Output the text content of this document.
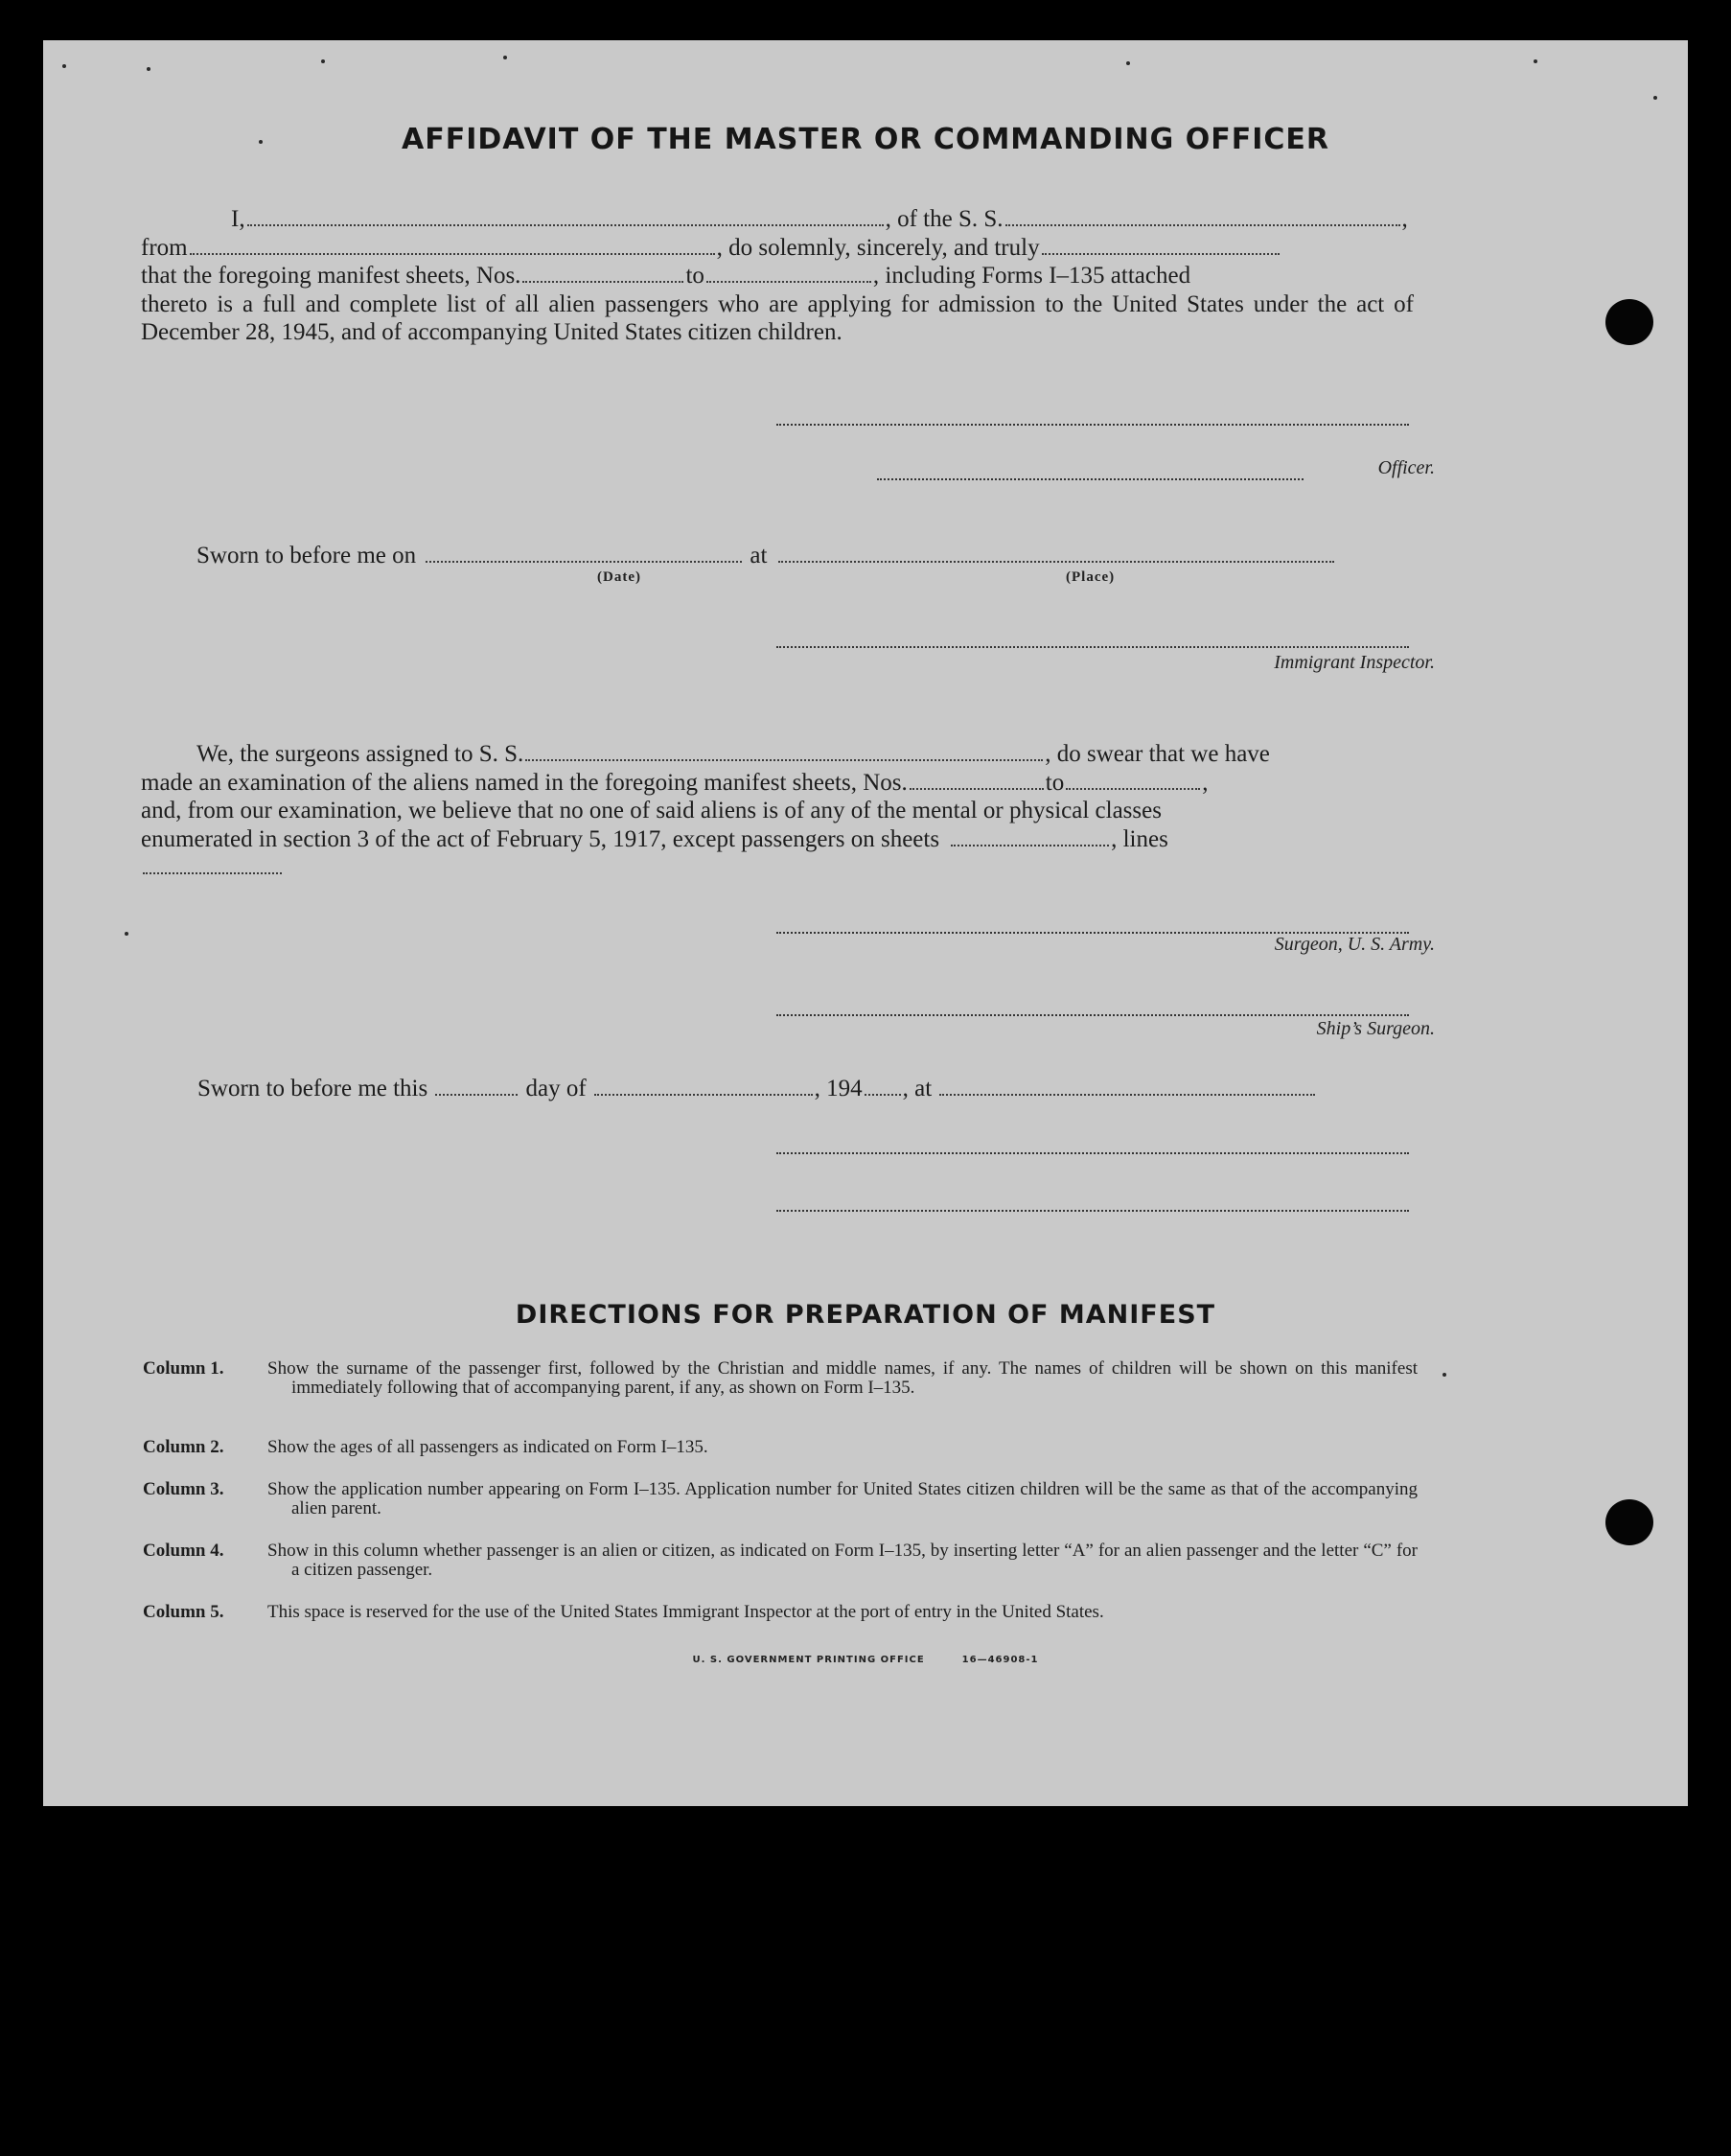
AFFIDAVIT OF THE MASTER OR COMMANDING OFFICER
I,	, of the S. S.	,
from	, do solemnly, sincerely, and truly
that the foregoing manifest sheets, Nos.	to	, including Forms I–135 attached
thereto is a full and complete list of all alien passengers who are applying for admission to the United States under the act of December 28, 1945, and of accompanying United States citizen children.
Officer.
Sworn to before me on	at
(Date)	(Place)
Immigrant Inspector.
We, the surgeons assigned to S. S.	, do swear that we have
made an examination of the aliens named in the foregoing manifest sheets, Nos.	to	,
and, from our examination, we believe that no one of said aliens is of any of the mental or physical classes
enumerated in section 3 of the act of February 5, 1917, except passengers on sheets	, lines

Surgeon, U. S. Army.
Ship’s Surgeon.
Sworn to before me this	day of	, 194 , at
DIRECTIONS FOR PREPARATION OF MANIFEST
Column 1.	Show the surname of the passenger first, followed by the Christian and middle names, if any. The names of children will be shown on this manifest immediately following that of accompanying parent, if any, as shown on Form I–135.
Column 2.	Show the ages of all passengers as indicated on Form I–135.
Column 3.	Show the application number appearing on Form I–135. Application number for United States citizen children will be the same as that of the accompanying alien parent.
Column 4.	Show in this column whether passenger is an alien or citizen, as indicated on Form I–135, by inserting letter “A” for an alien passenger and the letter “C” for a citizen passenger.
Column 5.	This space is reserved for the use of the United States Immigrant Inspector at the port of entry in the United States.
U. S. GOVERNMENT PRINTING OFFICE	16—46908-1
